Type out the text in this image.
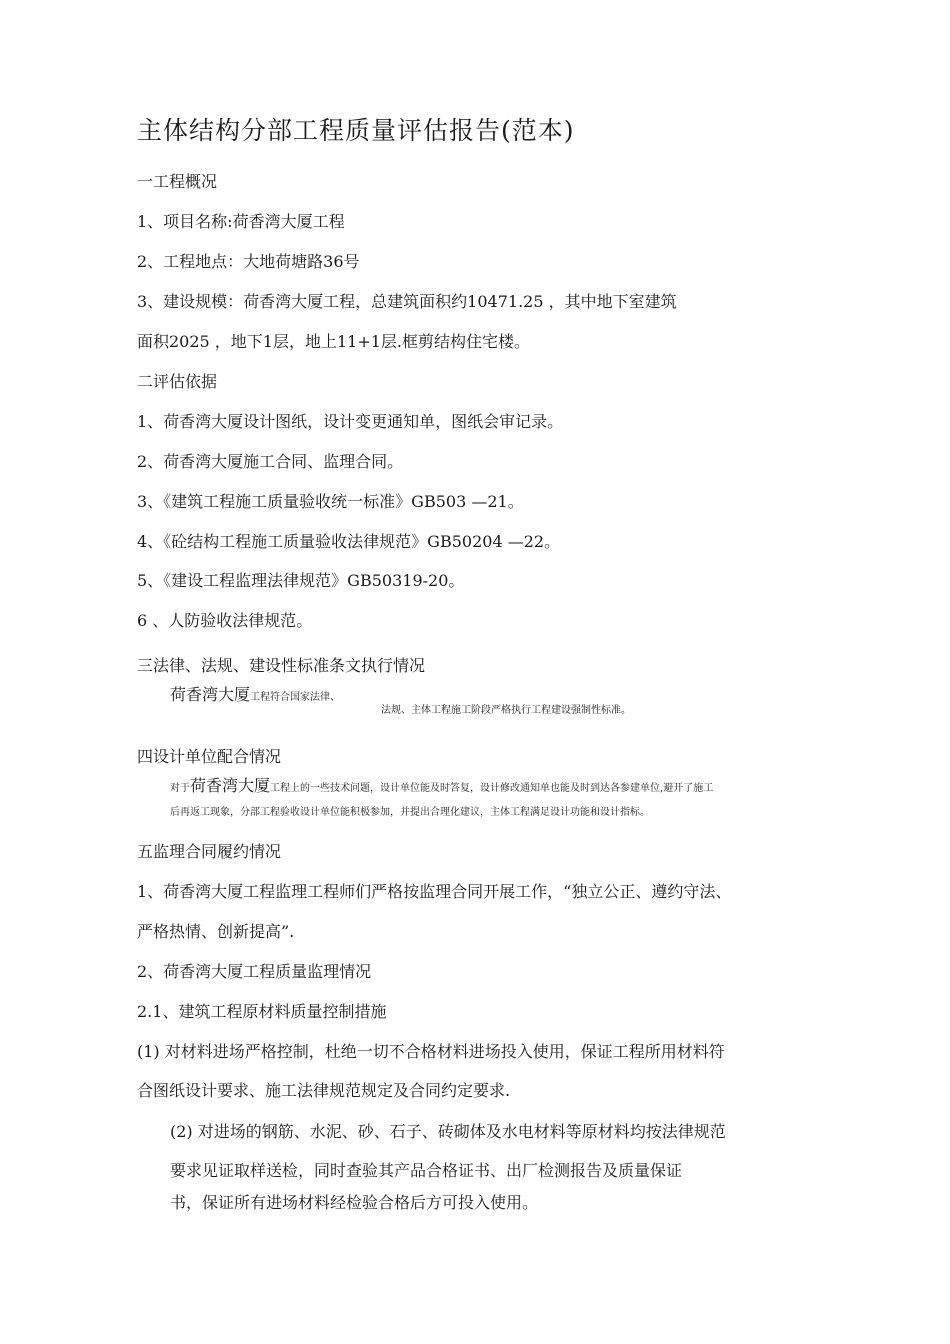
主体结构分部工程质量评估报告(范本)
一工程概况
1、项目名称:荷香湾大厦工程
2、工程地点：大地荷塘路36号
3、建设规模：荷香湾大厦工程，总建筑面积约10471.25 ，其中地下室建筑
面积2025 ，地下1层，地上11+1层.框剪结构住宅楼。
二评估依据
1、荷香湾大厦设计图纸，设计变更通知单，图纸会审记录。
2、荷香湾大厦施工合同、监理合同。
3、《建筑工程施工质量验收统一标准》GB503 —21。
4、《砼结构工程施工质量验收法律规范》GB50204 —22。
5、《建设工程监理法律规范》GB50319-20。
6 、人防验收法律规范。
三法律、法规、建设性标准条文执行情况
荷香湾大厦工程符合国家法律、
法规、主体工程施工阶段严格执行工程建设强制性标准。
四设计单位配合情况
对于荷香湾大厦工程上的一些技术问题，设计单位能及时答复，设计修改通知单也能及时到达各参建单位,避开了施工
后再返工现象，分部工程验收设计单位能积极参加，并提出合理化建议，主体工程满足设计功能和设计指标。
五监理合同履约情况
1、荷香湾大厦工程监理工程师们严格按监理合同开展工作，“独立公正、遵约守法、
严格热情、创新提高”.
2、荷香湾大厦工程质量监理情况
2.1、建筑工程原材料质量控制措施
(1) 对材料进场严格控制，杜绝一切不合格材料进场投入使用，保证工程所用材料符
合图纸设计要求、施工法律规范规定及合同约定要求.
(2) 对进场的钢筋、水泥、砂、石子、砖砌体及水电材料等原材料均按法律规范
要求见证取样送检，同时查验其产品合格证书、出厂检测报告及质量保证
书，保证所有进场材料经检验合格后方可投入使用。
